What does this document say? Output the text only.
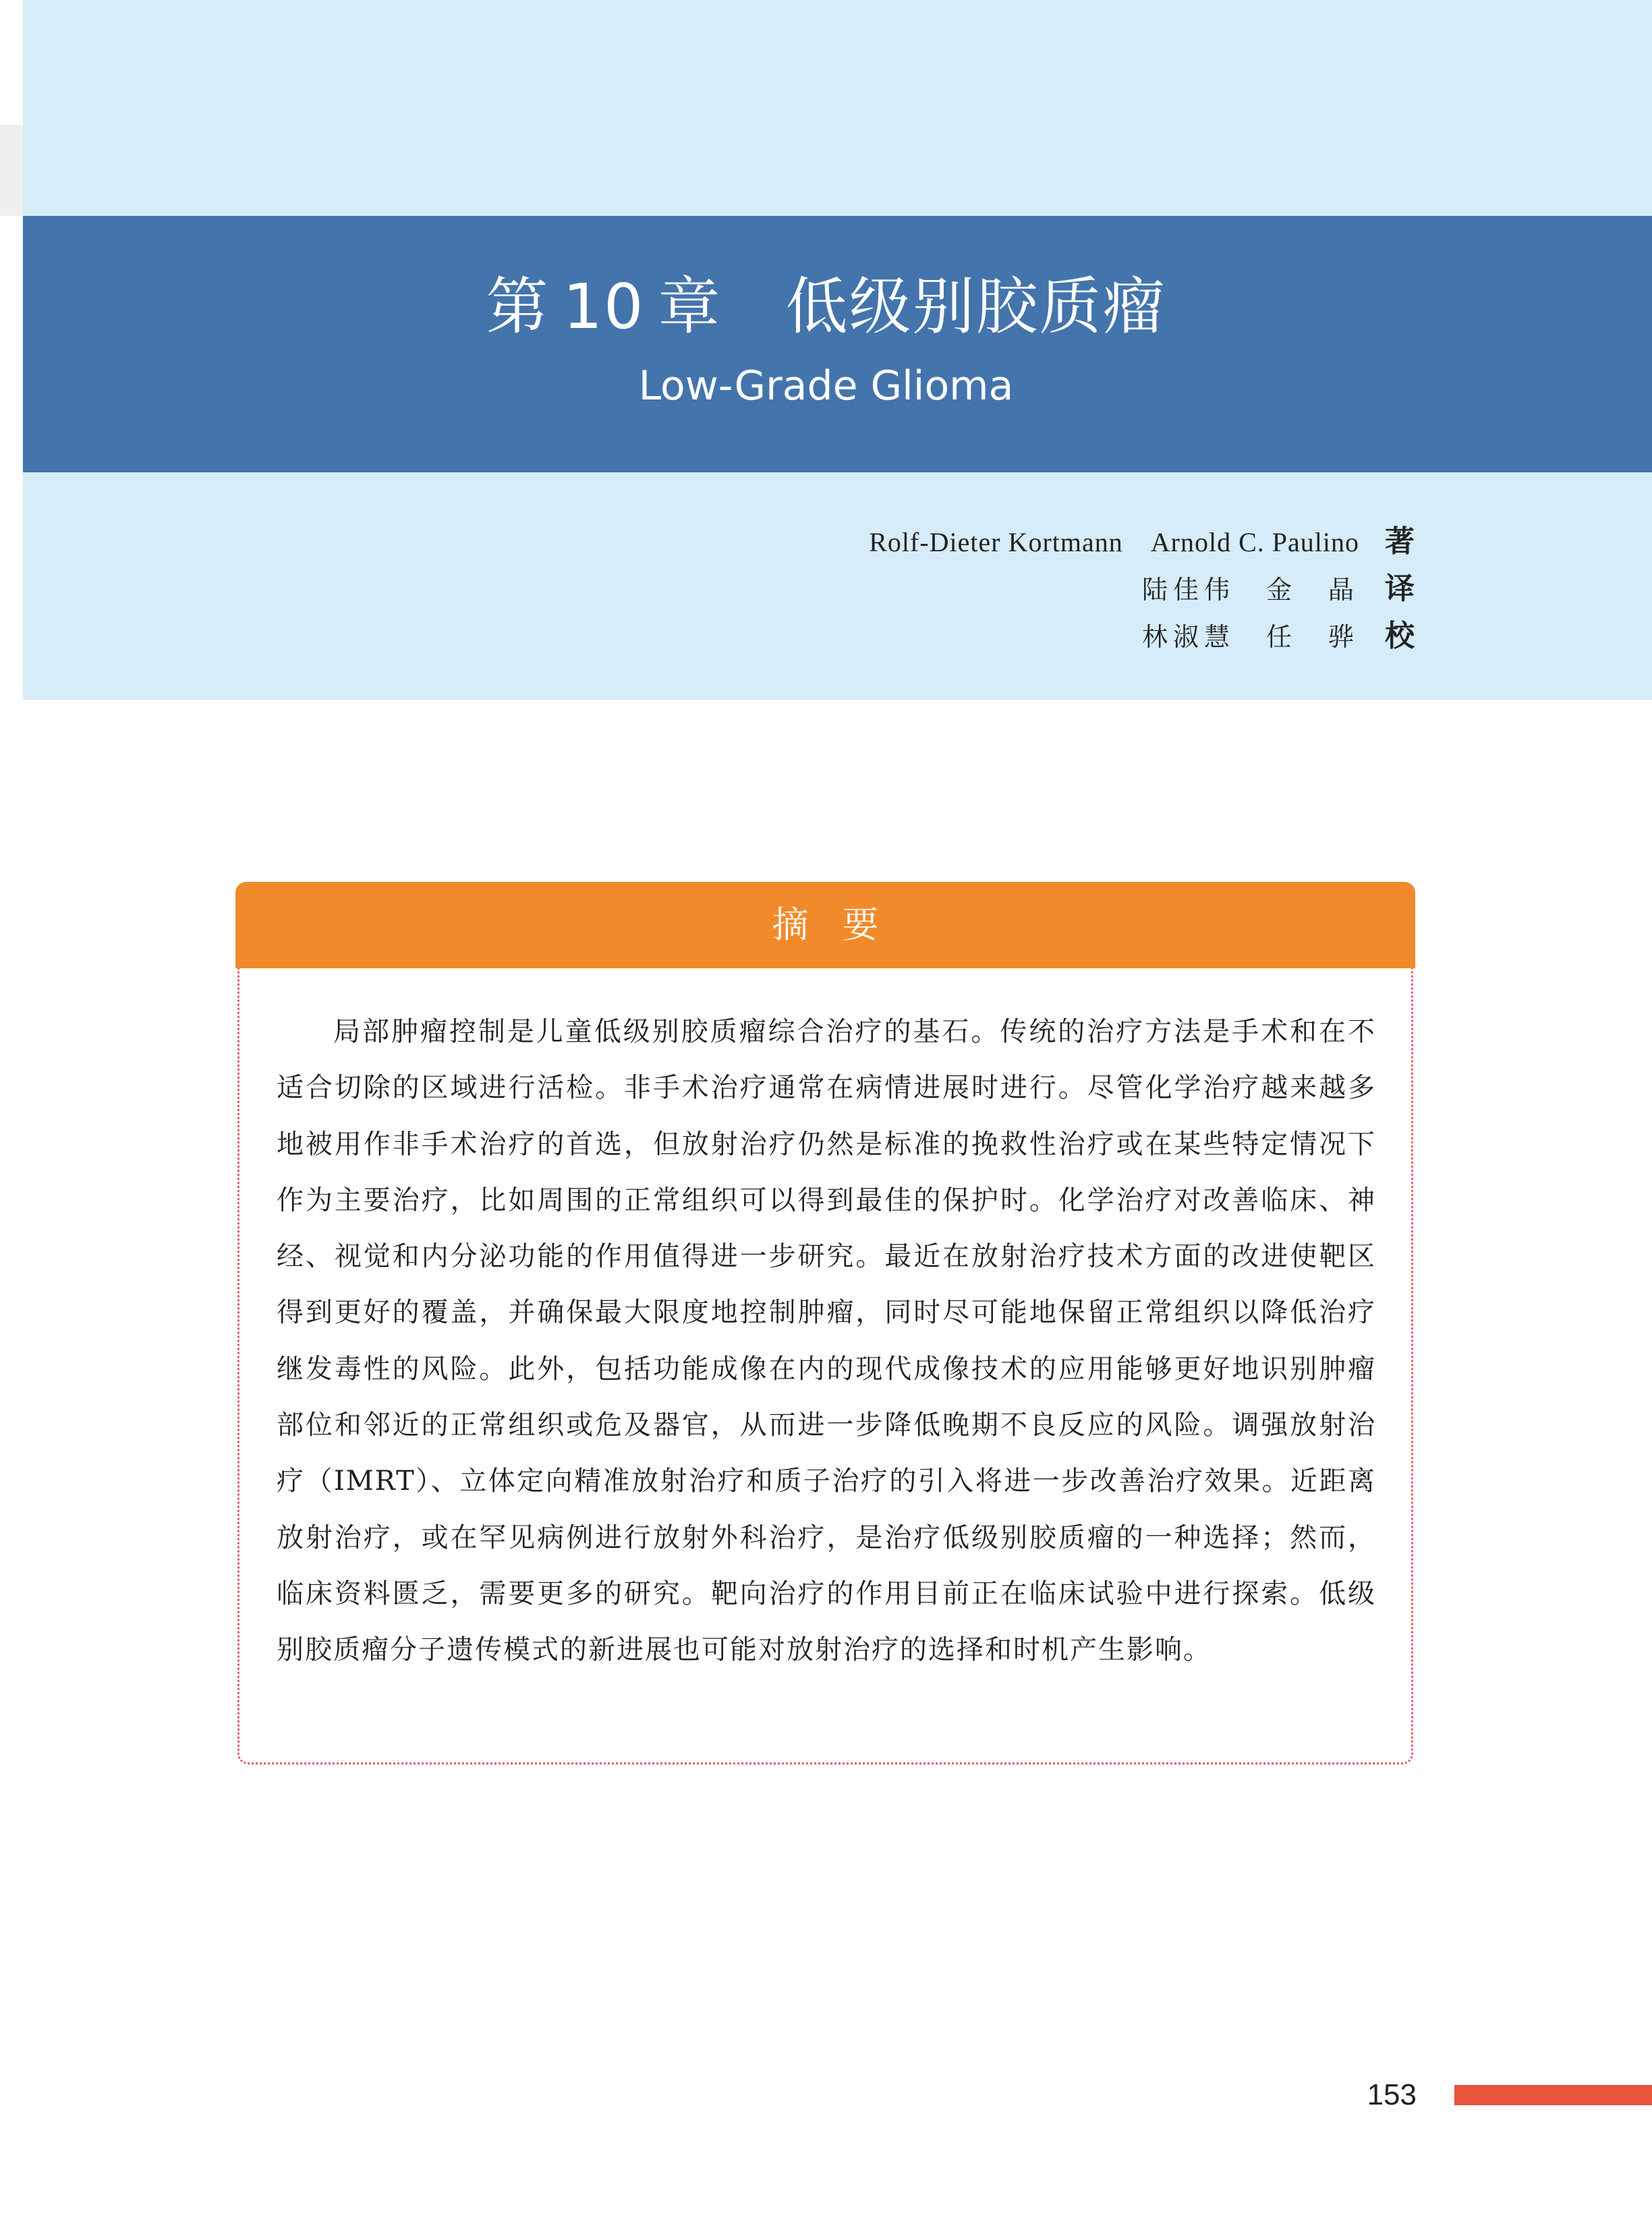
第 10 章 低级别胶质瘤
Low-Grade Glioma
Rolf-Dieter Kortmann　Arnold C. Paulino 著
陆佳伟　金　晶 译
林淑慧　任　骅 校
摘要

局部肿瘤控制是儿童低级别胶质瘤综合治疗的基石。传统的治疗方法是手术和在不适合切除的区域进行活检。非手术治疗通常在病情进展时进行。尽管化学治疗越来越多地被用作非手术治疗的首选，但放射治疗仍然是标准的挽救性治疗或在某些特定情况下作为主要治疗，比如周围的正常组织可以得到最佳的保护时。化学治疗对改善临床、神经、视觉和内分泌功能的作用值得进一步研究。最近在放射治疗技术方面的改进使靶区得到更好的覆盖，并确保最大限度地控制肿瘤，同时尽可能地保留正常组织以降低治疗继发毒性的风险。此外，包括功能成像在内的现代成像技术的应用能够更好地识别肿瘤部位和邻近的正常组织或危及器官，从而进一步降低晚期不良反应的风险。调强放射治疗（IMRT）、立体定向精准放射治疗和质子治疗的引入将进一步改善治疗效果。近距离放射治疗，或在罕见病例进行放射外科治疗，是治疗低级别胶质瘤的一种选择；然而，临床资料匮乏，需要更多的研究。靶向治疗的作用目前正在临床试验中进行探索。低级别胶质瘤分子遗传模式的新进展也可能对放射治疗的选择和时机产生影响。

153
